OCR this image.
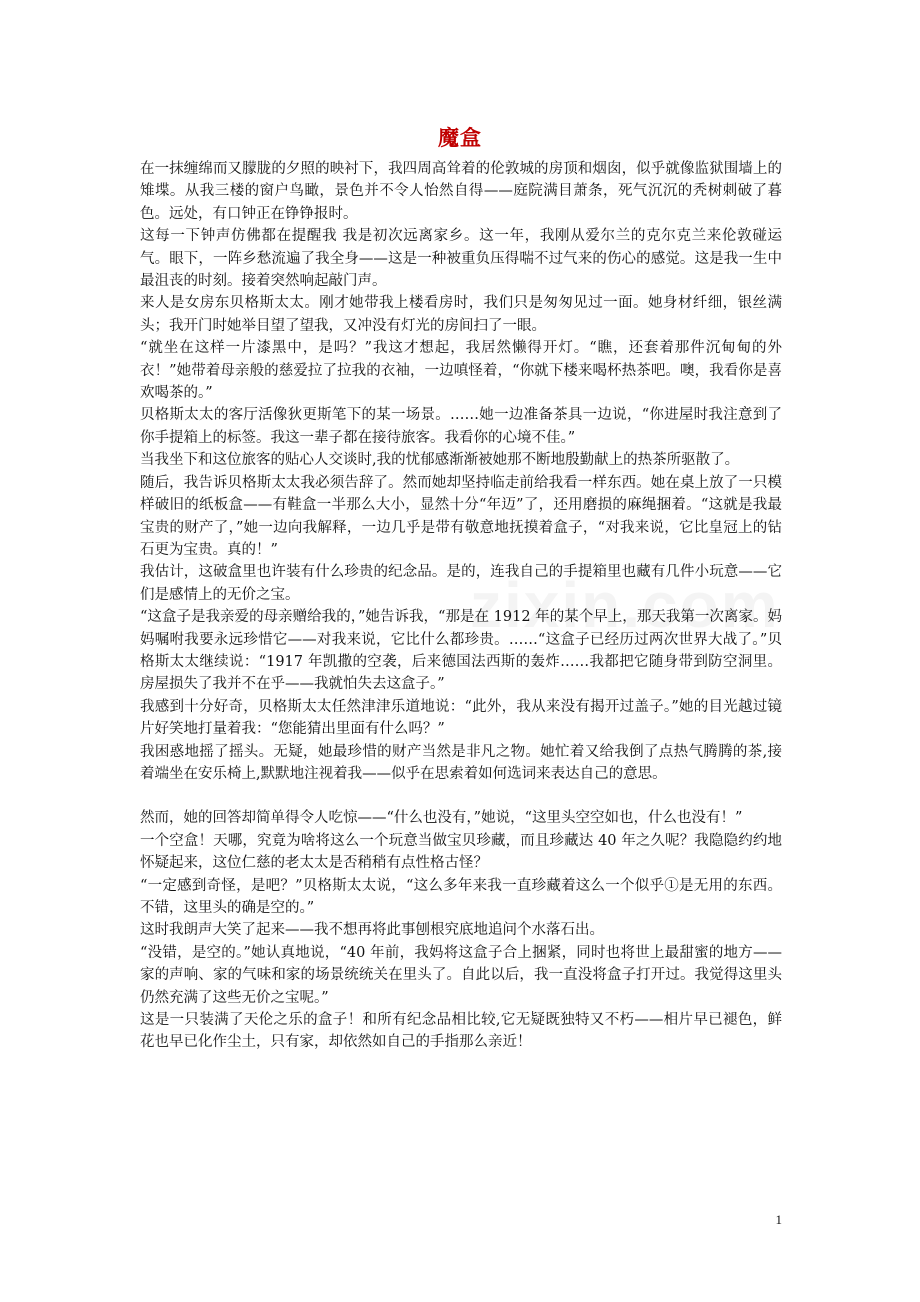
魔盒

在一抹缠绵而又朦胧的夕照的映衬下，我四周高耸着的伦敦城的房顶和烟囱，似乎就像监狱围墙上的雉堞。从我三楼的窗户鸟瞰，景色并不令人怡然自得——庭院满目萧条，死气沉沉的秃树刺破了暮色。远处，有口钟正在铮铮报时。

这每一下钟声仿佛都在提醒我 我是初次远离家乡。这一年，我刚从爱尔兰的克尔克兰来伦敦碰运气。眼下，一阵乡愁流遍了我全身——这是一种被重负压得喘不过气来的伤心的感觉。这是我一生中最沮丧的时刻。接着突然响起敲门声。

来人是女房东贝格斯太太。刚才她带我上楼看房时，我们只是匆匆见过一面。她身材纤细，银丝满头；我开门时她举目望了望我，又冲没有灯光的房间扫了一眼。

“就坐在这样一片漆黑中，是吗？”我这才想起，我居然懒得开灯。“瞧，还套着那件沉甸甸的外衣！”她带着母亲般的慈爱拉了拉我的衣袖，一边嗔怪着，“你就下楼来喝杯热茶吧。噢，我看你是喜欢喝茶的。”

贝格斯太太的客厅活像狄更斯笔下的某一场景。……她一边准备茶具一边说，“你进屋时我注意到了你手提箱上的标签。我这一辈子都在接待旅客。我看你的心境不佳。”

当我坐下和这位旅客的贴心人交谈时,我的忧郁感渐渐被她那不断地殷勤献上的热茶所驱散了。

随后，我告诉贝格斯太太我必须告辞了。然而她却坚持临走前给我看一样东西。她在桌上放了一只模样破旧的纸板盒——有鞋盒一半那么大小，显然十分“年迈”了，还用磨损的麻绳捆着。“这就是我最宝贵的财产了，”她一边向我解释，一边几乎是带有敬意地抚摸着盒子，“对我来说，它比皇冠上的钻石更为宝贵。真的！”

我估计，这破盒里也许装有什么珍贵的纪念品。是的，连我自己的手提箱里也藏有几件小玩意——它们是感情上的无价之宝。

“这盒子是我亲爱的母亲赠给我的，”她告诉我，“那是在 1912 年的某个早上，那天我第一次离家。妈妈嘱咐我要永远珍惜它——对我来说，它比什么都珍贵。……“这盒子已经历过两次世界大战了。”贝格斯太太继续说：“1917 年凯撒的空袭，后来德国法西斯的轰炸……我都把它随身带到防空洞里。房屋损失了我并不在乎——我就怕失去这盒子。”

我感到十分好奇，贝格斯太太任然津津乐道地说：“此外，我从来没有揭开过盖子。”她的目光越过镜片好笑地打量着我：“您能猜出里面有什么吗？”

我困惑地摇了摇头。无疑，她最珍惜的财产当然是非凡之物。她忙着又给我倒了点热气腾腾的茶,接着端坐在安乐椅上,默默地注视着我——似乎在思索着如何选词来表达自己的意思。

然而，她的回答却简单得令人吃惊——“什么也没有，”她说，“这里头空空如也，什么也没有！”

一个空盒！天哪，究竟为啥将这么一个玩意当做宝贝珍藏，而且珍藏达 40 年之久呢？我隐隐约约地怀疑起来，这位仁慈的老太太是否稍稍有点性格古怪？

“一定感到奇怪，是吧？”贝格斯太太说，“这么多年来我一直珍藏着这么一个似乎①是无用的东西。不错，这里头的确是空的。”

这时我朗声大笑了起来——我不想再将此事刨根究底地追问个水落石出。

“没错，是空的。”她认真地说，“40 年前，我妈将这盒子合上捆紧，同时也将世上最甜蜜的地方——家的声响、家的气味和家的场景统统关在里头了。自此以后，我一直没将盒子打开过。我觉得这里头仍然充满了这些无价之宝呢。”

这是一只装满了天伦之乐的盒子！和所有纪念品相比较,它无疑既独特又不朽——相片早已褪色，鲜花也早已化作尘土，只有家，却依然如自己的手指那么亲近！

1
